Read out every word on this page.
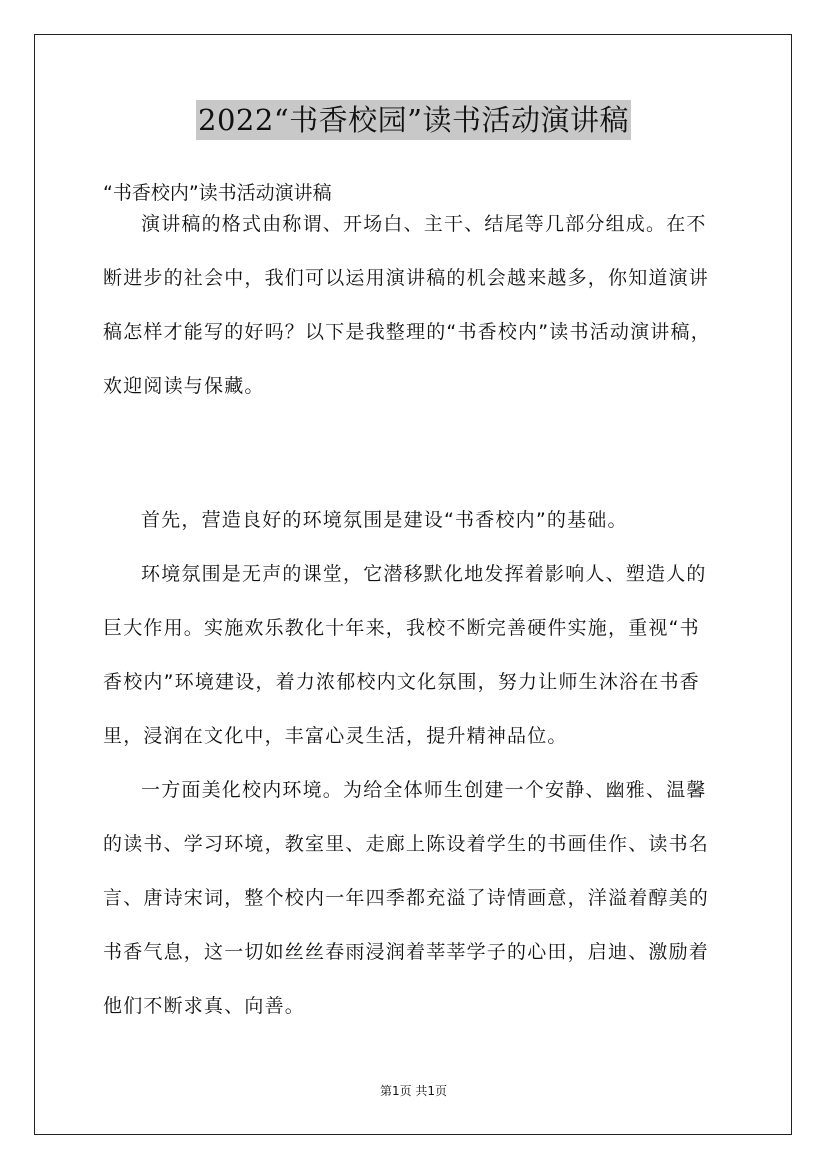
2022“书香校园”读书活动演讲稿
“书香校内”读书活动演讲稿
演讲稿的格式由称谓、开场白、主干、结尾等几部分组成。在不
断进步的社会中，我们可以运用演讲稿的机会越来越多，你知道演讲
稿怎样才能写的好吗？以下是我整理的“书香校内”读书活动演讲稿，
欢迎阅读与保藏。
首先，营造良好的环境氛围是建设“书香校内”的基础。
环境氛围是无声的课堂，它潜移默化地发挥着影响人、塑造人的
巨大作用。实施欢乐教化十年来，我校不断完善硬件实施，重视“书
香校内”环境建设，着力浓郁校内文化氛围，努力让师生沐浴在书香
里，浸润在文化中，丰富心灵生活，提升精神品位。
一方面美化校内环境。为给全体师生创建一个安静、幽雅、温馨
的读书、学习环境，教室里、走廊上陈设着学生的书画佳作、读书名
言、唐诗宋词，整个校内一年四季都充溢了诗情画意，洋溢着醇美的
书香气息，这一切如丝丝春雨浸润着莘莘学子的心田，启迪、激励着
他们不断求真、向善。
第1页 共1页
